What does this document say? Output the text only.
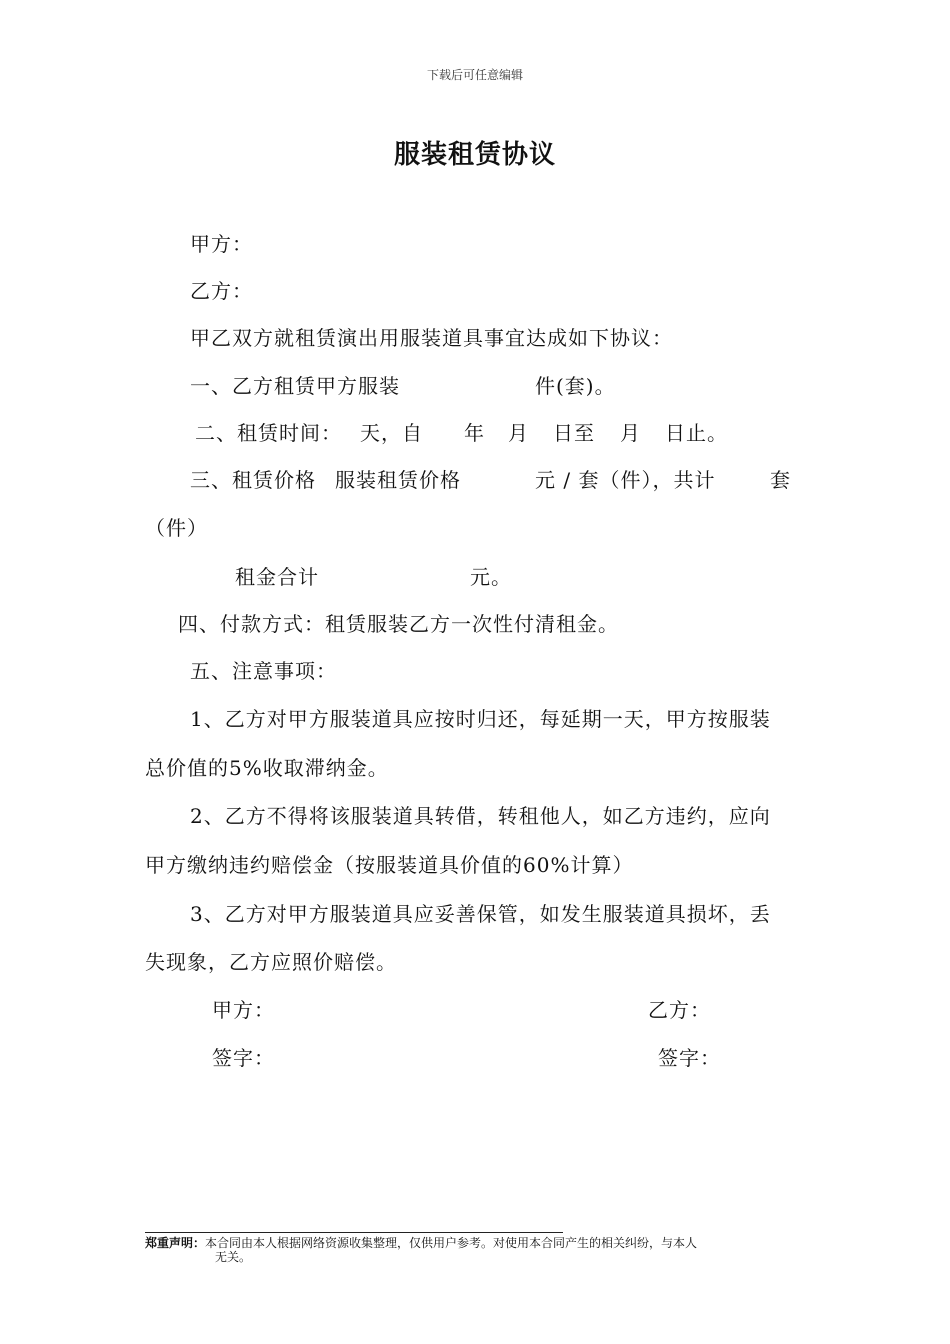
下载后可任意编辑
服装租赁协议
甲方：
乙方：
甲乙双方就租赁演出用服装道具事宜达成如下协议：
一、乙方租赁甲方服装	件(套)。
二、租赁时间： 天，自 年 月 日至 月 日止。
三、租赁价格 服装租赁价格	元 / 套（件），共计	套
（件）
租金合计	元。
四、付款方式：租赁服装乙方一次性付清租金。
五、注意事项：
1、乙方对甲方服装道具应按时归还，每延期一天，甲方按服装
总价值的5%收取滞纳金。
2、乙方不得将该服装道具转借，转租他人，如乙方违约，应向
甲方缴纳违约赔偿金（按服装道具价值的60%计算）
3、乙方对甲方服装道具应妥善保管，如发生服装道具损坏，丢
失现象，乙方应照价赔偿。
甲方：	乙方：
签字：	签字：
郑重声明：本合同由本人根据网络资源收集整理，仅供用户参考。对使用本合同产生的相关纠纷，与本人
无关。
